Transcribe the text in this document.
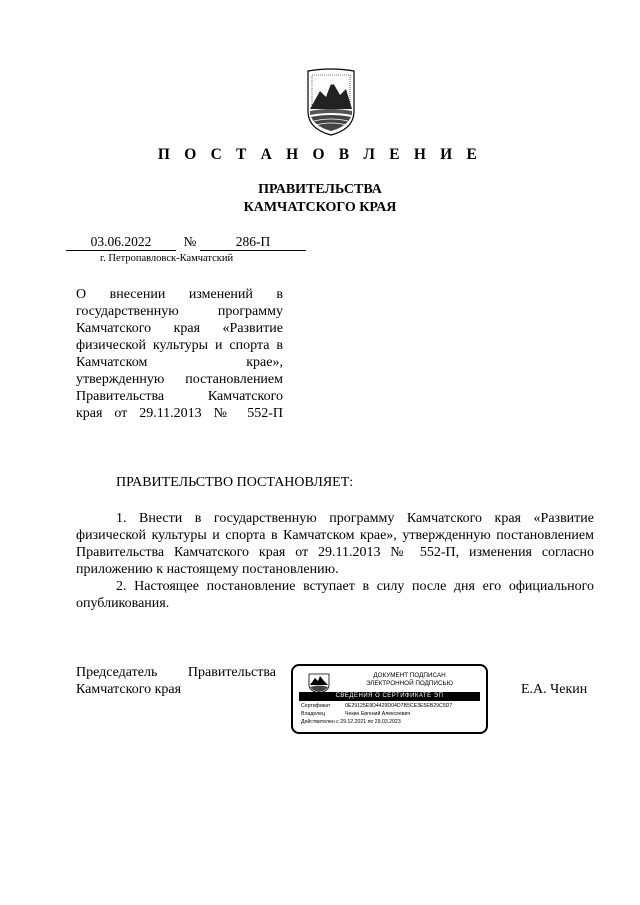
П О С Т А Н О В Л Е Н И Е
ПРАВИТЕЛЬСТВА
КАМЧАТСКОГО КРАЯ
03.06.2022	№	286-П
г. Петропавловск-Камчатский
О внесении изменений в
государственную программу
Камчатского края «Развитие
физической культуры и спорта в
Камчатском крае»,
утвержденную постановлением
Правительства Камчатского
края от 29.11.2013 № 552-П
ПРАВИТЕЛЬСТВО ПОСТАНОВЛЯЕТ:

1. Внести в государственную программу Камчатского края «Развитие физической культуры и спорта в Камчатском крае», утвержденную постановлением Правительства Камчатского края от 29.11.2013 № 552-П, изменения согласно приложению к настоящему постановлению.

2. Настоящее постановление вступает в силу после дня его официального опубликования.

Председатель Правительства
Камчатского края	Е.А. Чекин
ДОКУМЕНТ ПОДПИСАН
ЭЛЕКТРОННОЙ ПОДПИСЬЮ
СВЕДЕНИЯ О СЕРТИФИКАТЕ ЭП
Сертификат	0E29125E9D4429D04D7B5CE3E5EB29C5D7
Владелец	Чекин Евгений Алексеевич
Действителен с 29.12.2021 по 29.03.2023
